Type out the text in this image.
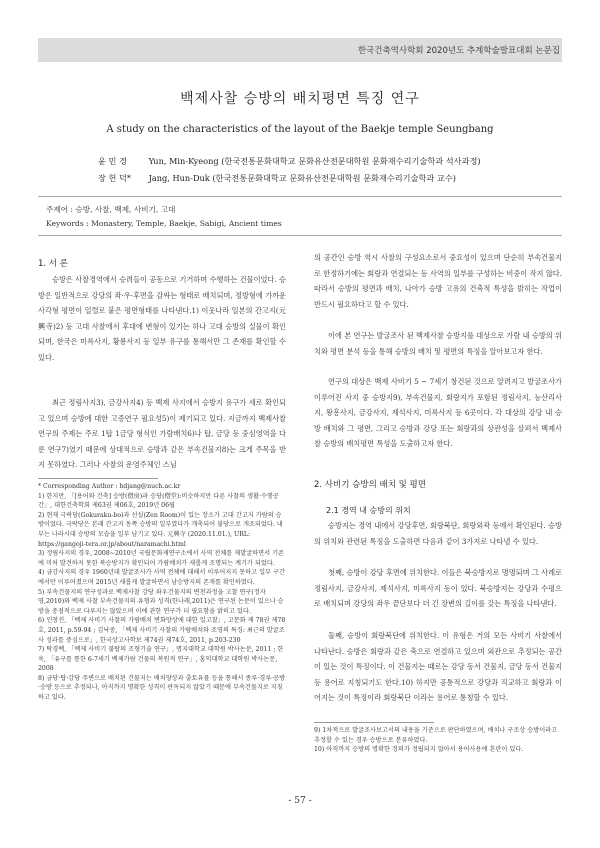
한국건축역사학회 2020년도 추계학술발표대회 논문집
백제사찰 승방의 배치평면 특징 연구
A study on the characteristics of the layout of the Baekje temple Seungbang
윤 민 경	Yun, Min-Kyeong (한국전통문화대학교 문화유산전문대학원 문화재수리기술학과 석사과정)
장 헌 덕* Jang, Hun-Duk (한국전통문화대학교 문화유산전문대학원 문화재수리기술학과 교수)
주제어 : 승방, 사찰, 백제, 사비기, 고대
Keywords : Monastery, Temple, Baekje, Sabigi, Ancient times
1. 서 론
승방은 사찰경역에서 승려들이 공동으로 기거하며 수행하는 건물이었다. 승방은 일반적으로 강당의 좌·우·후면을 감싸는 형태로 배치되며, 정방형에 가까운 사각형 평면이 일렬로 붙은 평면형태를 나타낸다.1) 이웃나라 일본의 간고지(元興寺)2) 등 고대 사찰에서 후대에 변형이 있기는 하나 고대 승방의 실물이 확인되며, 한국은 미륵사지, 황룡사지 등 일부 유구를 통해서만 그 존재를 확인할 수 있다.
최근 정림사지3), 금강사지4) 등 백제 사지에서 승방지 유구가 새로 확인되고 있으며 승방에 대한 고증연구 필요성5)이 제기되고 있다. 지금까지 백제사찰 연구의 주제는 주로 1탑 1금당 형식인 가람배치6)나 탑, 금당 등 중심영역을 다룬 연구7)였기 때문에 상대적으로 승방과 같은 부속건물지8)는 크게 주목을 받지 못하였다. 그러나 사찰의 운영주체인 스님

* Corresponding Author : hdjang@nuch.ac.kr

1) 한지만, 「[용어와 건축] 승방(僧房)과 승당(僧堂):비슷하지만 다른 사찰의 생활·수행공간」, 대한건축학회 제63권 제06호, 2019년 06월

2) 현재 극락당(Gokuraku-bo)과 선실(Zen Room)이 있는 장소가 고대 간고지 가람의 승방이었다. 극락당은 본래 간고지 동쪽 승방의 일부였다가 개축되어 불당으로 개조되었다. 내부는 나라시대 승방의 모습을 일부 남기고 있다. 元興寺 (2020.11.01.), URL: https://gangoji-tera.or.jp/about/naramachi.html

3) 정림사지의 경우, 2008~2010년 국립문화재연구소에서 사역 전체를 재발굴하면서 기존에 미처 발견하지 못한 북승방지가 확인되어 가람배치가 새롭게 조명되는 계기가 되었다.

4) 금강사지의 경우 1960년대 발굴조사가 사역 전체에 대해서 이루어지지 못하고 일부 구간에서만 이루어졌으며 2015년 새롭게 발굴하면서 남승방지의 존재를 확인하였다.

5) 부속건물지의 연구성과로 백제사찰 강당 좌우건물지의 변천과정을 고찰 연구(정자영,2010)와 백제 사찰 부속건물지의 유형과 성격(한나래,2011)은 연구된 논문이 있으나 승방을 중점적으로 다루지는 않았으며 이에 관한 연구가 더 필요함을 밝히고 있다.

6) 인창진, 「백제 사비기 사찰의 가람배치 변화양상에 대한 일고찰」, 고문화 제 78권 제78호, 2011, p.59-94 ; 김낙중, 「백제 사비기 사찰의 가람배치와 조영의 특징: 최근의 발굴조사 성과를 중심으로」, 한국상고사학보 제74권 제74호, 2011, p.203-230

7) 탁경백, 「백제 사비기 불탑의 조형기술 연구」, 명지대학교 대학원 박사논문, 2011 ; 한욱, 「유구를 통한 6-7세기 백제가람 건물의 복원적 연구」, 홍익대학교 대학원 박사논문, 2008

8) 금당·탑·강당 주변으로 배치된 건물지는 배치양상과 출토유물 등을 통해서 종루·경루·공방·승방 등으로 추정되나, 아직까지 명확한 성격이 판독되지 않았기 때문에 부속건물지로 지칭하고 있다.

의 공간인 승방 역시 사찰의 구성요소로서 중요성이 있으며 단순히 부속건물지로 한정하기에는 회랑과 연결되는 등 사역의 일부를 구성하는 비중이 작지 않다. 따라서 승방의 평면과 배치, 나아가 승방 고유의 건축적 특성을 밝히는 작업이 반드시 필요하다고 할 수 있다.
이에 본 연구는 발굴조사 된 백제사찰 승방지를 대상으로 가람 내 승방의 위치와 평면 분석 등을 통해 승방의 배치 및 평면의 특징을 알아보고자 한다.
연구의 대상은 백제 사비기 5 ~ 7세기 창건된 것으로 알려지고 발굴조사가 이루어진 사지 중 승방지9), 부속건물지, 회랑지가 포함된 정림사지, 능산리사지, 왕흥사지, 금강사지, 제석사지, 미륵사지 등 6곳이다. 각 대상의 강당 내 승방 배치와 그 평면, 그리고 승방과 강당 또는 회랑과의 상관성을 살펴서 백제사찰 승방의 배치평면 특성을 도출하고자 한다.
2. 사비기 승방의 배치 및 평면
2.1 경역 내 승방의 위치
승방지는 경역 내에서 강당후면, 회랑북단, 회랑외곽 등에서 확인된다. 승방의 위치와 관련된 특징을 도출하면 다음과 같이 3가지로 나타낼 수 있다.
첫째, 승방이 강당 후면에 위치한다. 이들은 북승방지로 명명되며 그 사례로 정림사지, 금강사지, 제석사지, 미륵사지 등이 있다. 북승방지는 강당과 수평으로 배치되며 강당의 좌우 끝단보다 더 긴 장변의 길이를 갖는 특징을 나타낸다.
둘째, 승방이 회랑북단에 위치한다. 이 유형은 거의 모든 사비기 사찰에서 나타난다. 승방은 회랑과 같은 축으로 연결하고 있으며 외관으로 추정되는 공간이 있는 것이 특징이다. 이 건물지는 때로는 강당 동서 건물지, 금당 동서 건물지 등 용어로 지칭되기도 한다.10) 하지만 공통적으로 강당과 직교하고 회랑과 이어지는 것이 특징이라 회랑북단 이라는 용어로 통칭할 수 있다.

9) 1차적으로 발굴조사보고서의 내용을 기준으로 판단하였으며, 배치나 구조상 승방이라고 추정할 수 있는 경우 승방으로 분류하였다.

10) 아직까지 승방의 명확한 정의가 정립되지 않아서 용어사용에 혼란이 있다.

- 57 -
